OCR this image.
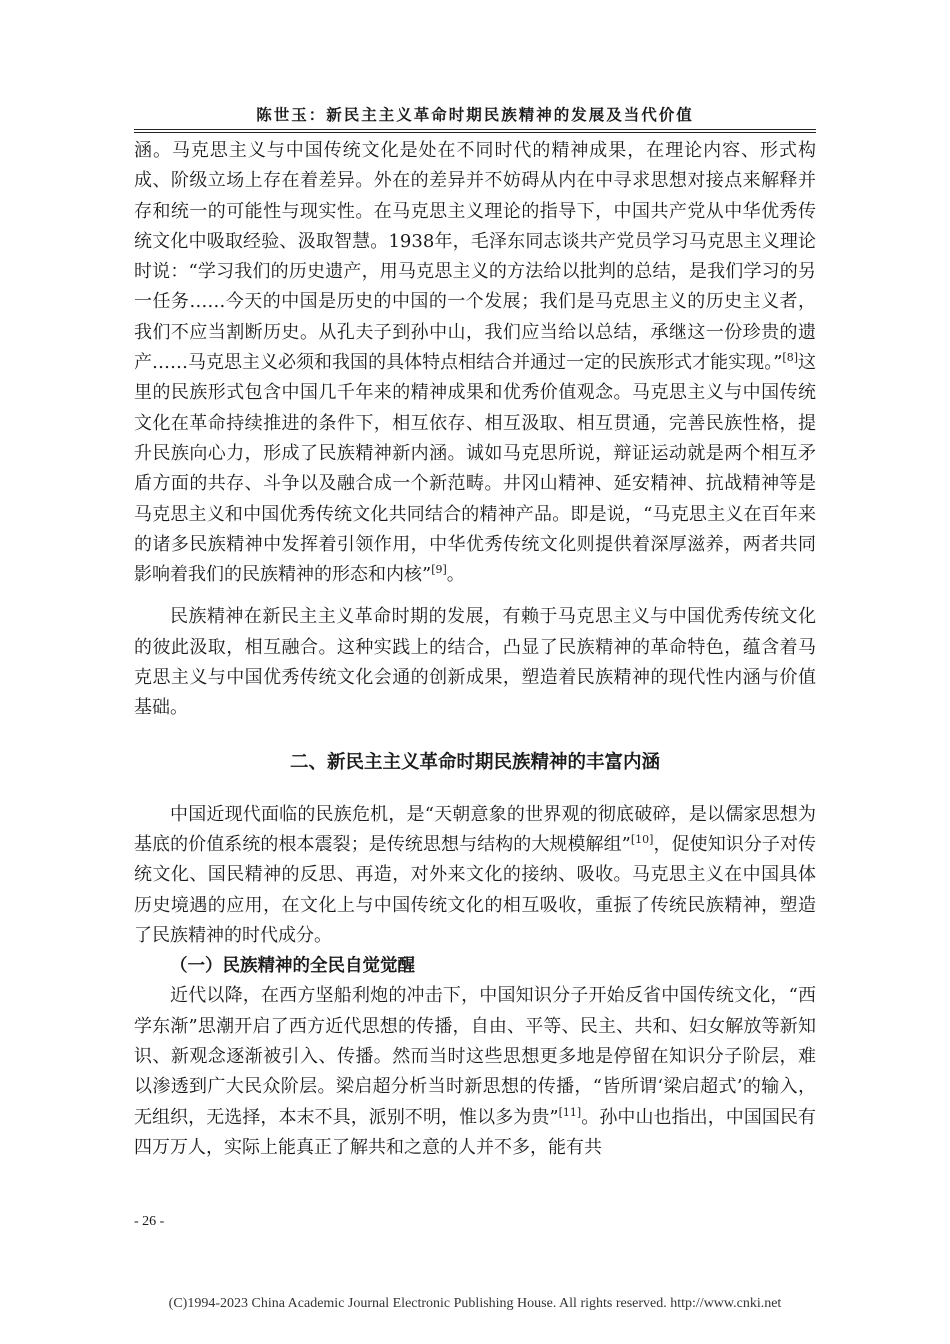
陈世玉：新民主主义革命时期民族精神的发展及当代价值

涵。马克思主义与中国传统文化是处在不同时代的精神成果，在理论内容、形式构成、阶级立场上存在着差异。外在的差异并不妨碍从内在中寻求思想对接点来解释并存和统一的可能性与现实性。在马克思主义理论的指导下，中国共产党从中华优秀传统文化中吸取经验、汲取智慧。1938年，毛泽东同志谈共产党员学习马克思主义理论时说：“学习我们的历史遗产，用马克思主义的方法给以批判的总结，是我们学习的另一任务……今天的中国是历史的中国的一个发展；我们是马克思主义的历史主义者，我们不应当割断历史。从孔夫子到孙中山，我们应当给以总结，承继这一份珍贵的遗产……马克思主义必须和我国的具体特点相结合并通过一定的民族形式才能实现。”[8]这里的民族形式包含中国几千年来的精神成果和优秀价值观念。马克思主义与中国传统文化在革命持续推进的条件下，相互依存、相互汲取、相互贯通，完善民族性格，提升民族向心力，形成了民族精神新内涵。诚如马克思所说，辩证运动就是两个相互矛盾方面的共存、斗争以及融合成一个新范畴。井冈山精神、延安精神、抗战精神等是马克思主义和中国优秀传统文化共同结合的精神产品。即是说，“马克思主义在百年来的诸多民族精神中发挥着引领作用，中华优秀传统文化则提供着深厚滋养，两者共同影响着我们的民族精神的形态和内核”[9]。

民族精神在新民主主义革命时期的发展，有赖于马克思主义与中国优秀传统文化的彼此汲取，相互融合。这种实践上的结合，凸显了民族精神的革命特色，蕴含着马克思主义与中国优秀传统文化会通的创新成果，塑造着民族精神的现代性内涵与价值基础。

二、新民主主义革命时期民族精神的丰富内涵

中国近现代面临的民族危机，是“天朝意象的世界观的彻底破碎，是以儒家思想为基底的价值系统的根本震裂；是传统思想与结构的大规模解组”[10]，促使知识分子对传统文化、国民精神的反思、再造，对外来文化的接纳、吸收。马克思主义在中国具体历史境遇的应用，在文化上与中国传统文化的相互吸收，重振了传统民族精神，塑造了民族精神的时代成分。

（一）民族精神的全民自觉觉醒

近代以降，在西方坚船利炮的冲击下，中国知识分子开始反省中国传统文化，“西学东渐”思潮开启了西方近代思想的传播，自由、平等、民主、共和、妇女解放等新知识、新观念逐渐被引入、传播。然而当时这些思想更多地是停留在知识分子阶层，难以渗透到广大民众阶层。梁启超分析当时新思想的传播，“皆所谓‘梁启超式’的输入，无组织，无选择，本末不具，派别不明，惟以多为贵”[11]。孙中山也指出，中国国民有四万万人，实际上能真正了解共和之意的人并不多，能有共

- 26 -
(C)1994-2023 China Academic Journal Electronic Publishing House. All rights reserved. http://www.cnki.net
